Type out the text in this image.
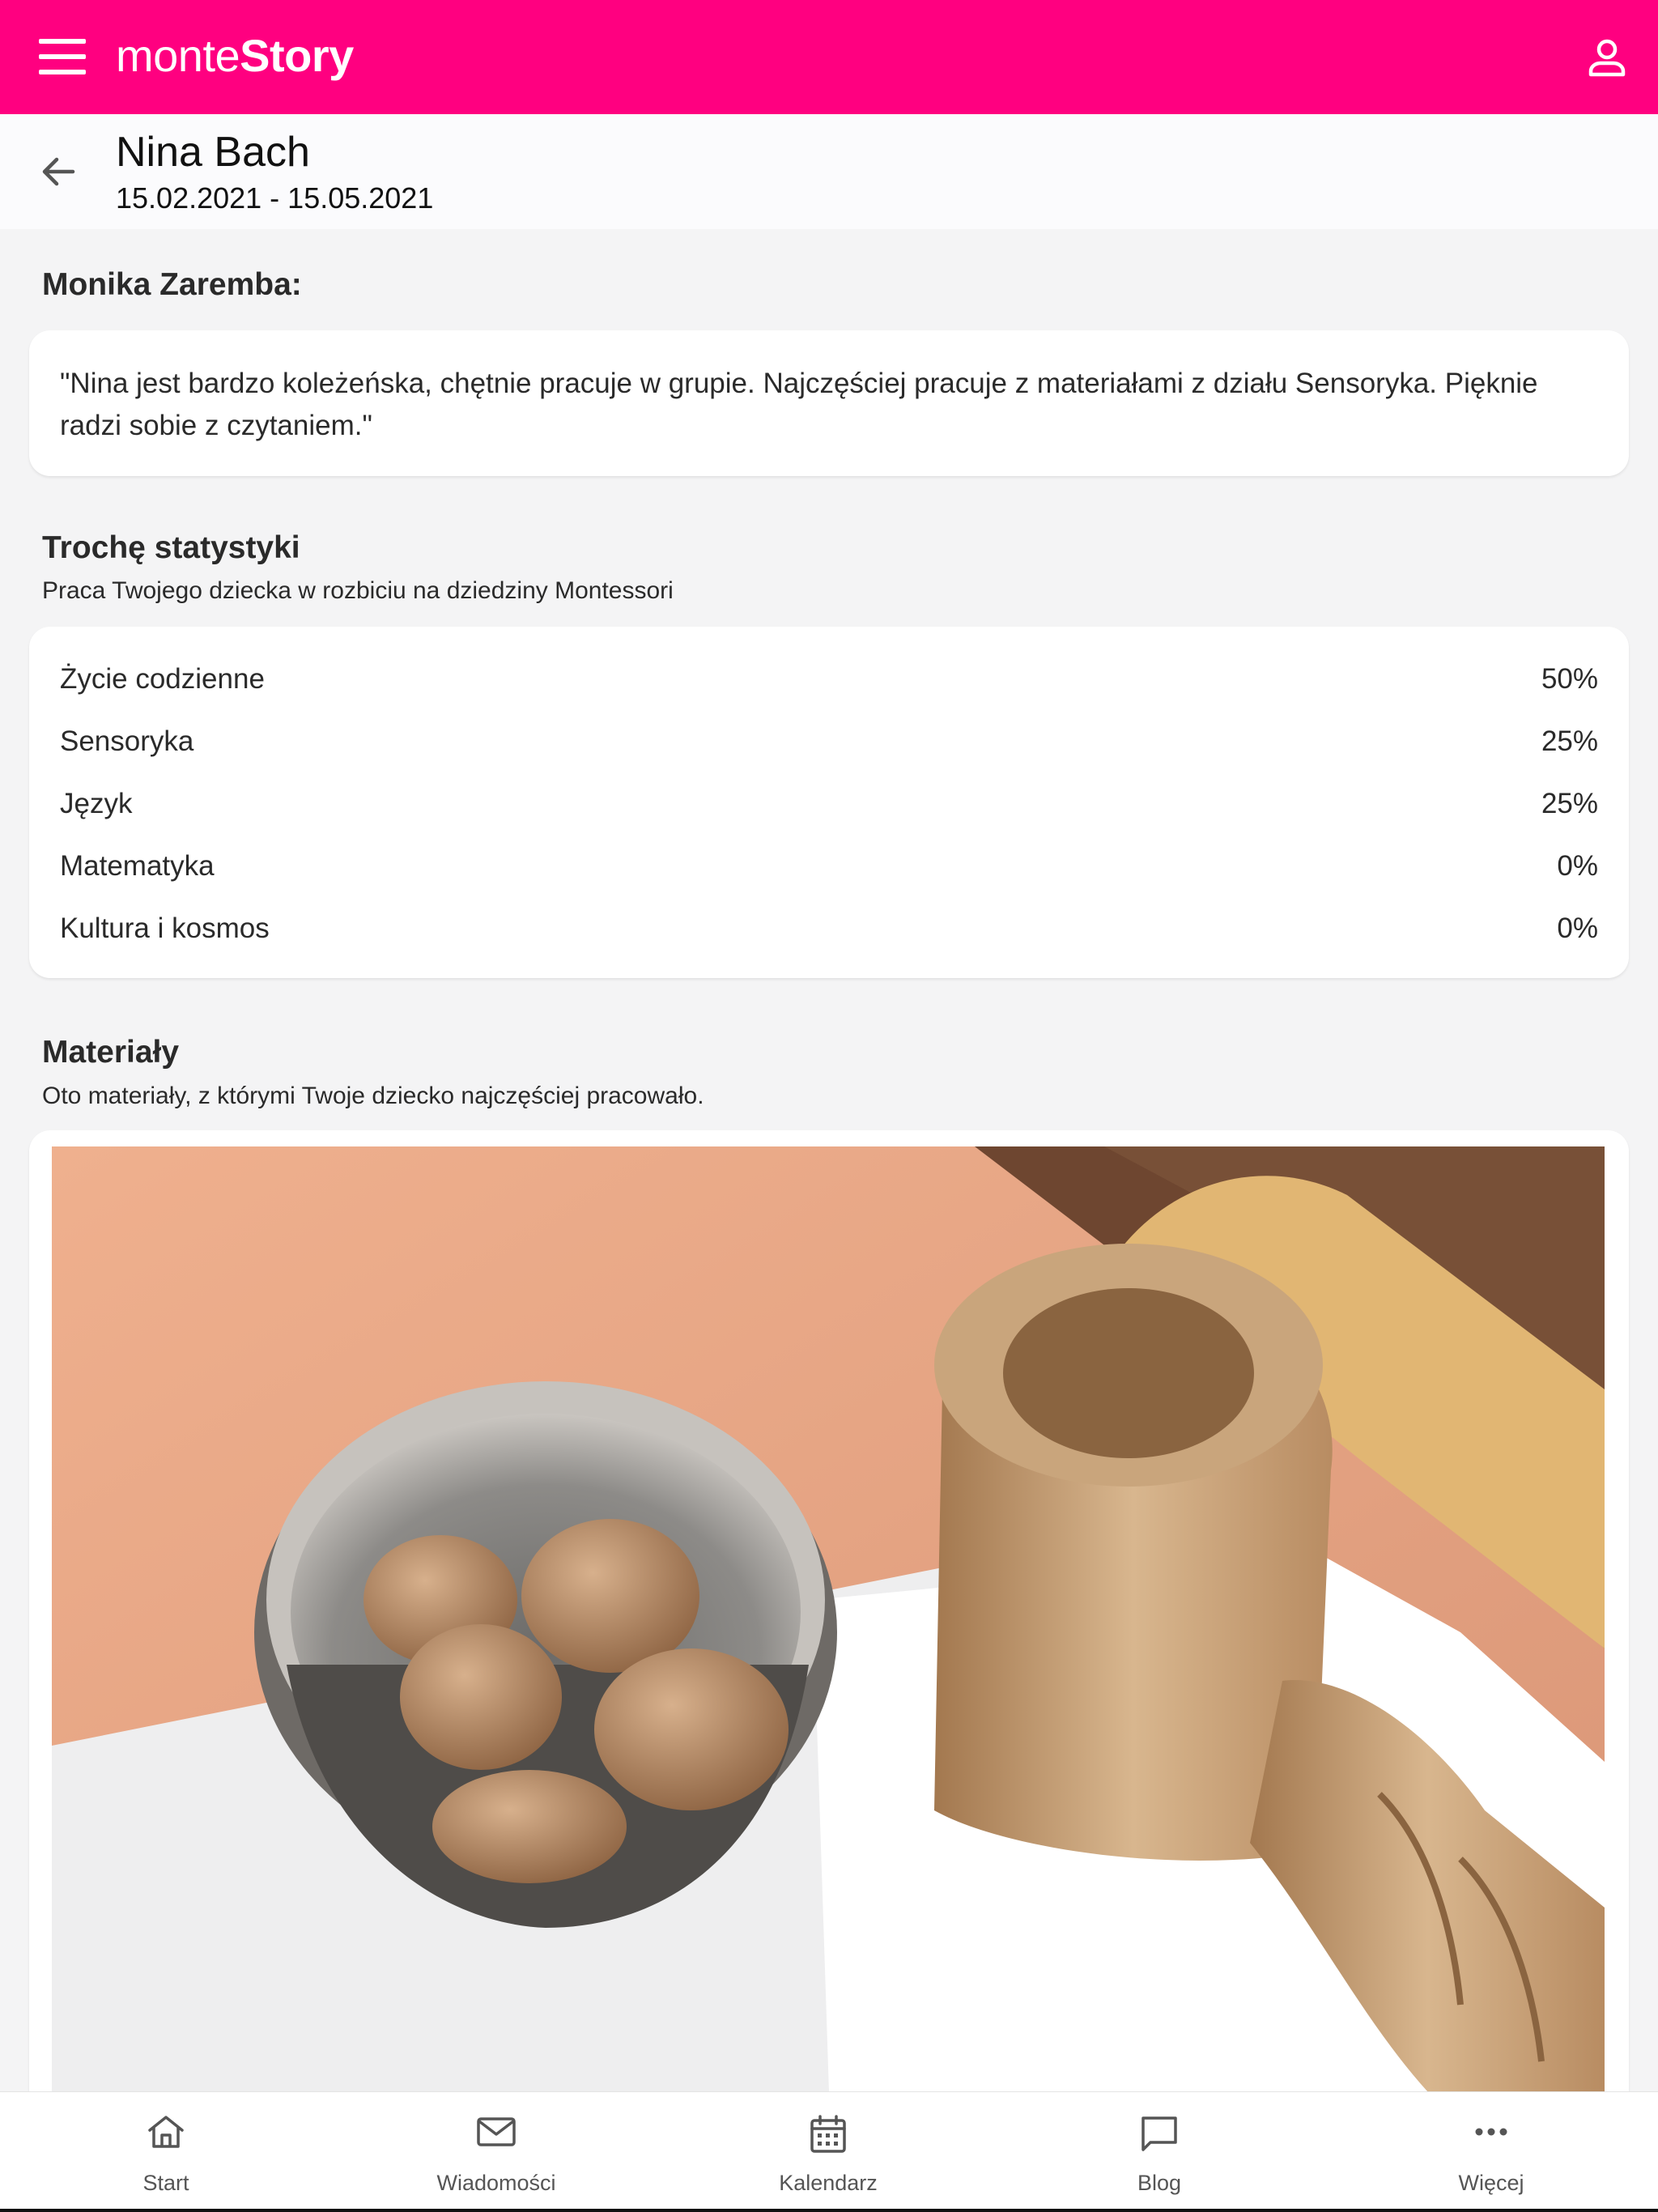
monteStory
Nina Bach
15.02.2021 - 15.05.2021
Monika Zaremba:
"Nina jest bardzo koleżeńska, chętnie pracuje w grupie. Najczęściej pracuje z materiałami z działu Sensoryka. Pięknie radzi sobie z czytaniem."
Trochę statystyki
Praca Twojego dziecka w rozbiciu na dziedziny Montessori
Życie codzienne	50%
Sensoryka	25%
Język	25%
Matematyka	0%
Kultura i kosmos	0%
Materiały
Oto materiały, z którymi Twoje dziecko najczęściej pracowało.
Start	Wiadomości	Kalendarz	Blog	Więcej
